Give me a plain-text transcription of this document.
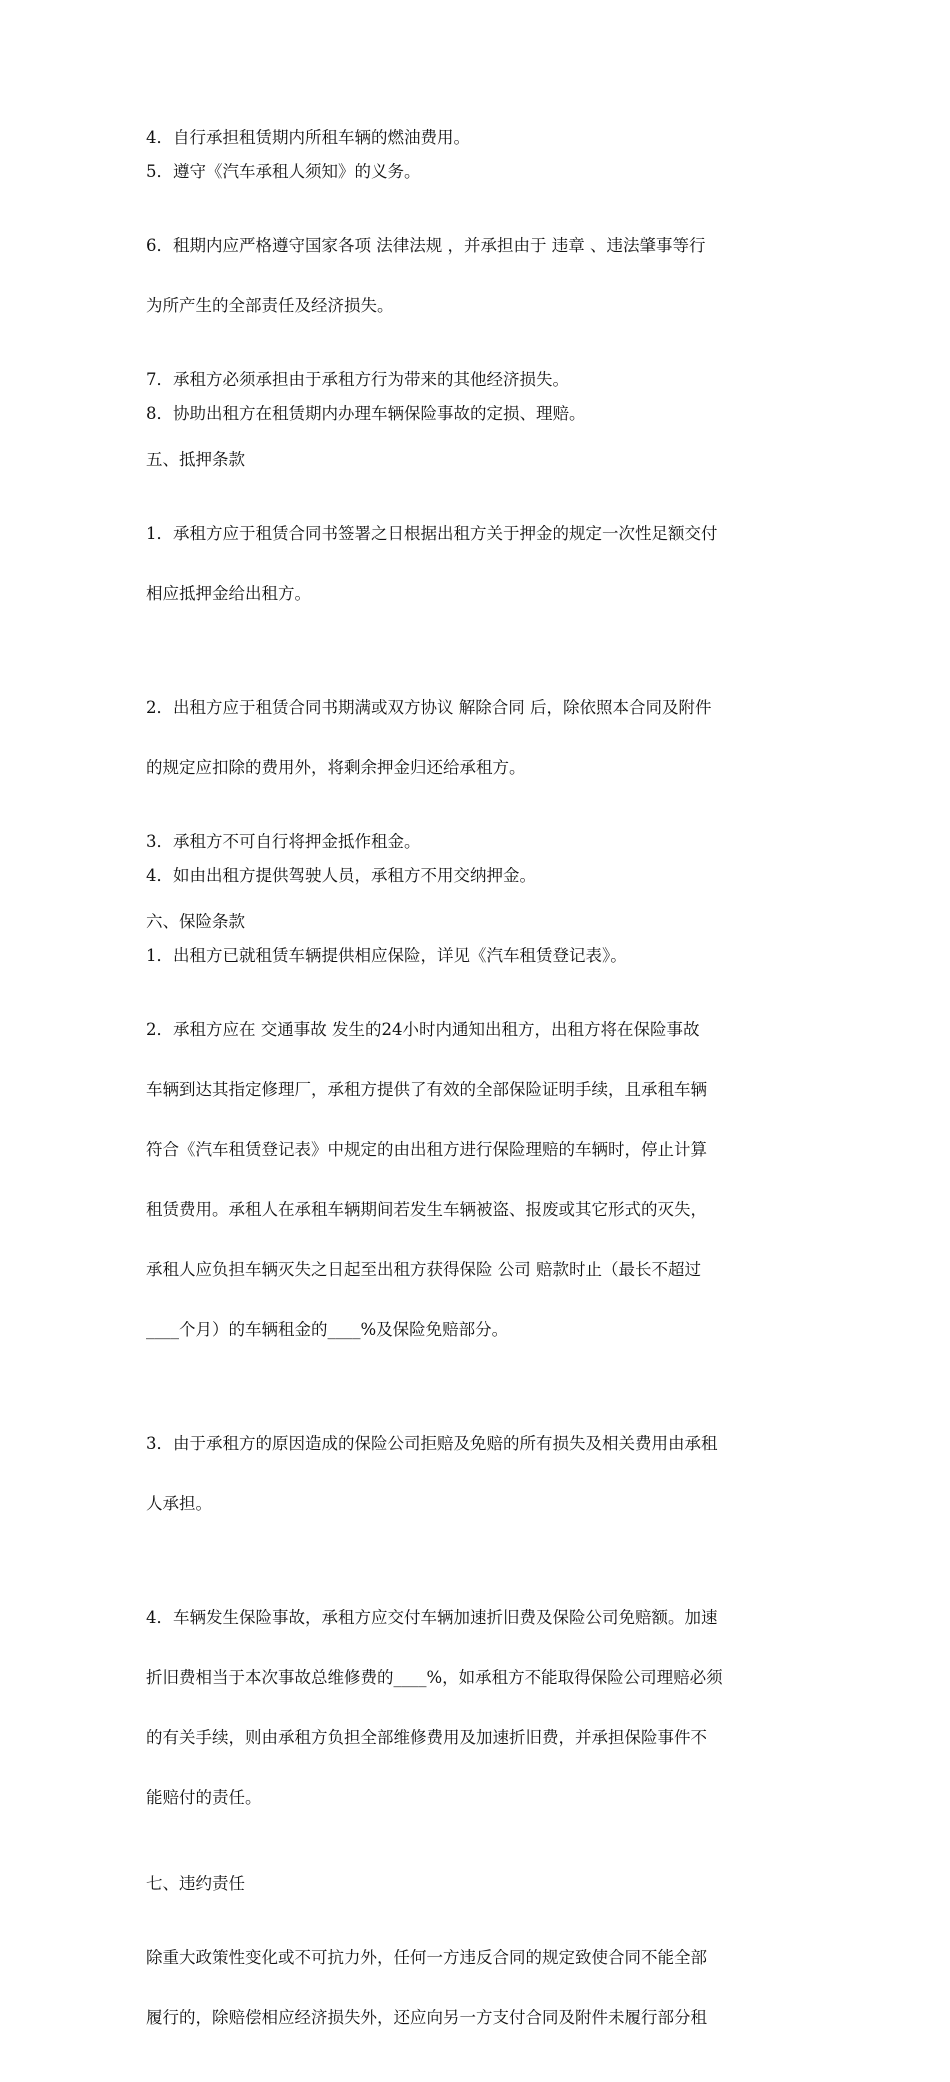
4．自行承担租赁期内所租车辆的燃油费用。

5．遵守《汽车承租人须知》的义务。

6．租期内应严格遵守国家各项 法律法规 ，并承担由于 违章 、违法肇事等行

为所产生的全部责任及经济损失。

7．承租方必须承担由于承租方行为带来的其他经济损失。

8．协助出租方在租赁期内办理车辆保险事故的定损、理赔。

五、抵押条款

1．承租方应于租赁合同书签署之日根据出租方关于押金的规定一次性足额交付

相应抵押金给出租方。

2．出租方应于租赁合同书期满或双方协议 解除合同 后，除依照本合同及附件

的规定应扣除的费用外，将剩余押金归还给承租方。

3．承租方不可自行将押金抵作租金。

4．如由出租方提供驾驶人员，承租方不用交纳押金。

六、保险条款

1．出租方已就租赁车辆提供相应保险，详见《汽车租赁登记表》。

2．承租方应在 交通事故 发生的24小时内通知出租方，出租方将在保险事故

车辆到达其指定修理厂，承租方提供了有效的全部保险证明手续，且承租车辆

符合《汽车租赁登记表》中规定的由出租方进行保险理赔的车辆时，停止计算

租赁费用。承租人在承租车辆期间若发生车辆被盗、报废或其它形式的灭失，

承租人应负担车辆灭失之日起至出租方获得保险 公司 赔款时止（最长不超过

____个月）的车辆租金的____%及保险免赔部分。

3．由于承租方的原因造成的保险公司拒赔及免赔的所有损失及相关费用由承租

人承担。

4．车辆发生保险事故，承租方应交付车辆加速折旧费及保险公司免赔额。加速

折旧费相当于本次事故总维修费的____%，如承租方不能取得保险公司理赔必须

的有关手续，则由承租方负担全部维修费用及加速折旧费，并承担保险事件不

能赔付的责任。

七、违约责任

除重大政策性变化或不可抗力外，任何一方违反合同的规定致使合同不能全部

履行的，除赔偿相应经济损失外，还应向另一方支付合同及附件未履行部分租
